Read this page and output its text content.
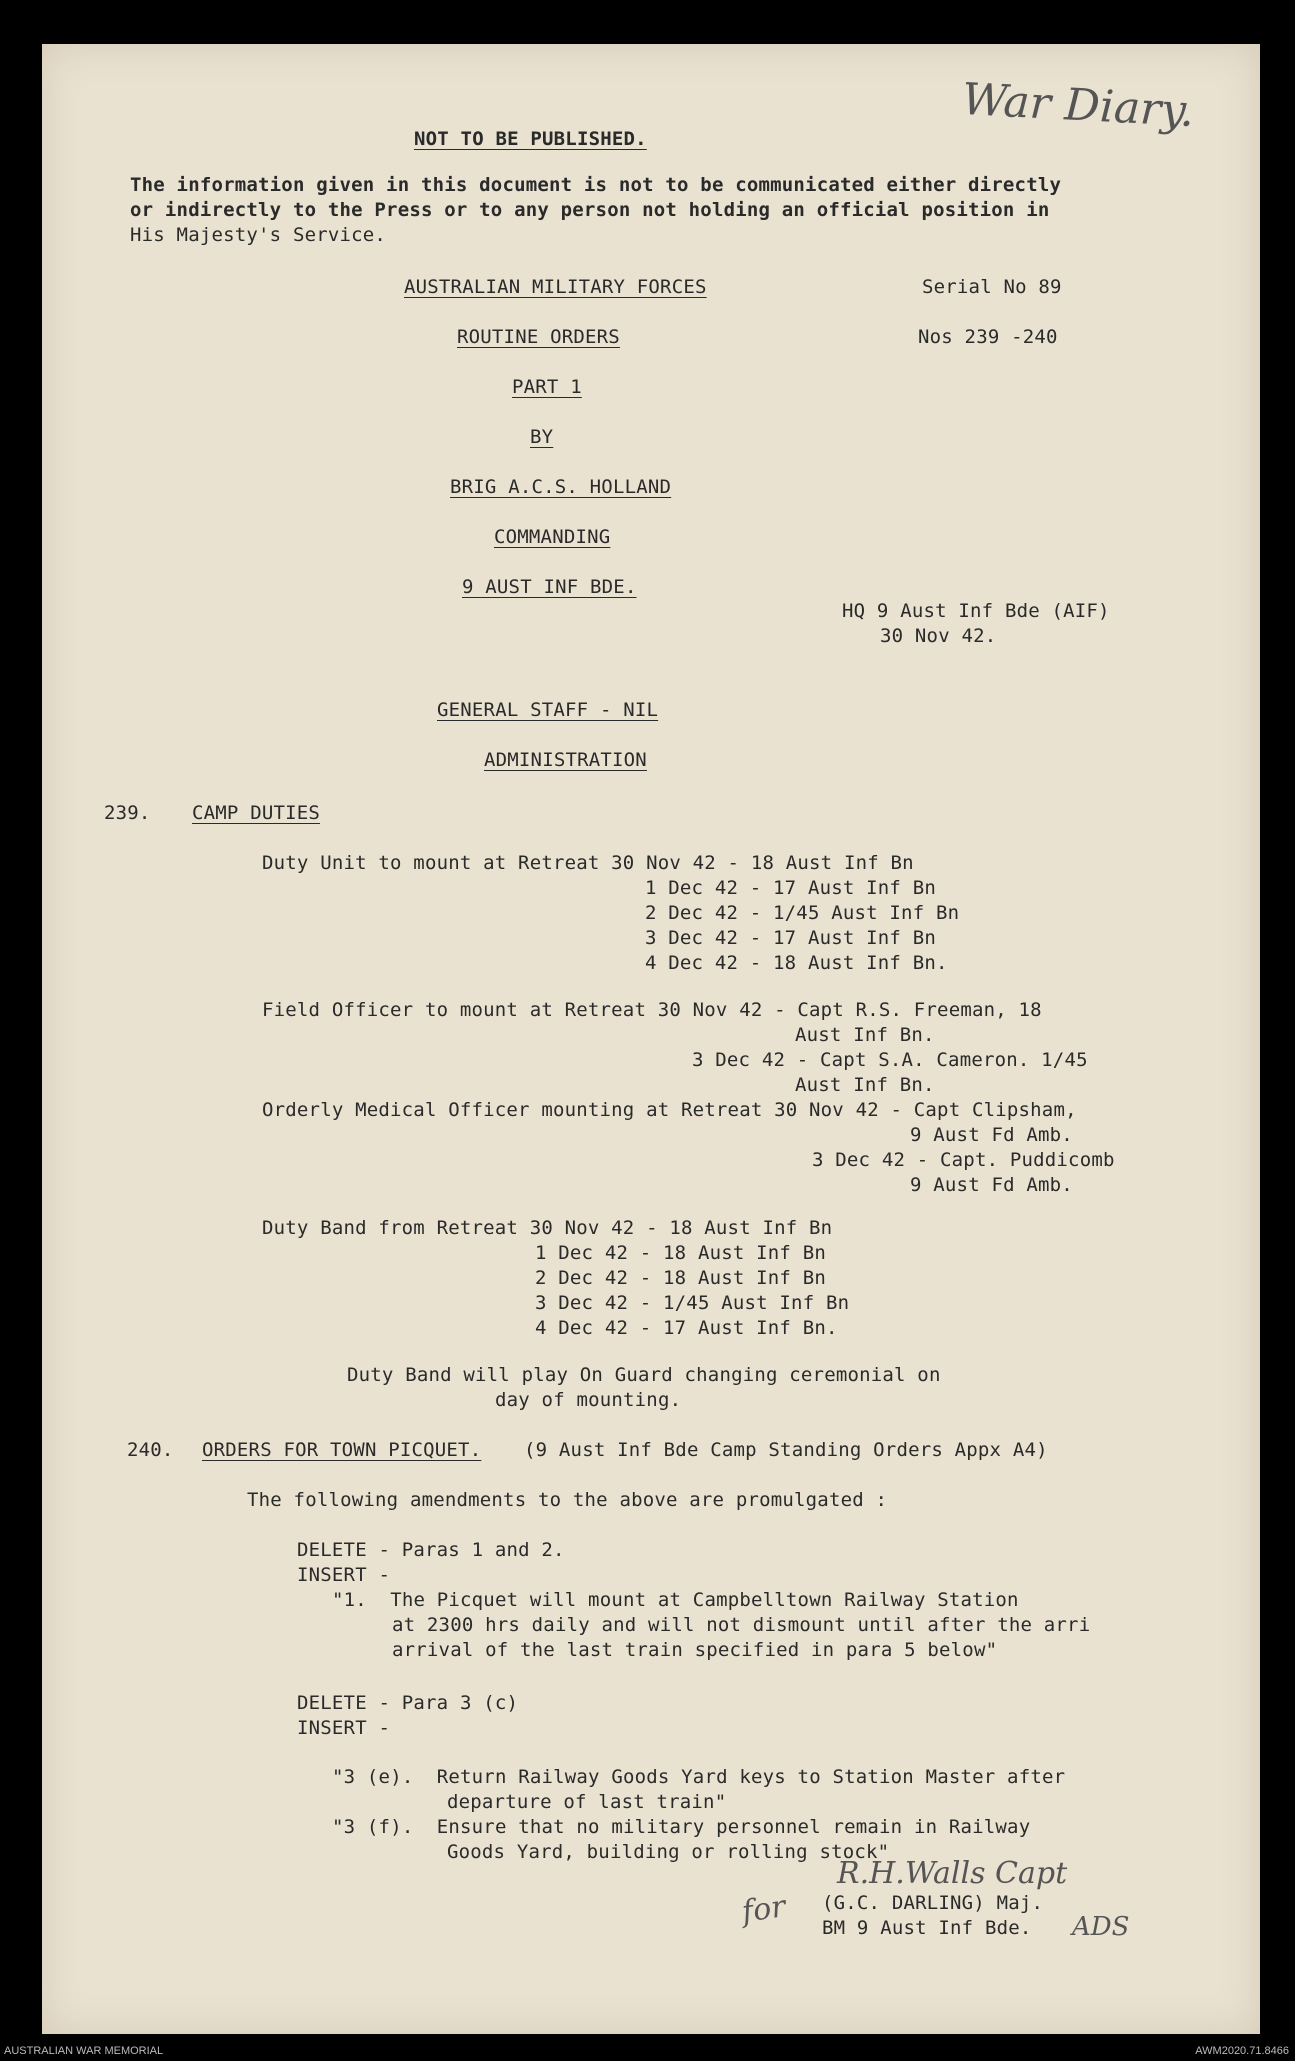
War Diary.
NOT TO BE PUBLISHED.
The information given in this document is not to be communicated either directly
or indirectly to the Press or to any person not holding an official position in
His Majesty's Service.
AUSTRALIAN MILITARY FORCES	Serial No 89
ROUTINE ORDERS	Nos 239 -240
PART 1
BY
BRIG A.C.S. HOLLAND
COMMANDING
9 AUST INF BDE.
HQ 9 Aust Inf Bde (AIF)
30 Nov 42.
GENERAL STAFF - NIL
ADMINISTRATION
239. CAMP DUTIES
Duty Unit to mount at Retreat 30 Nov 42 - 18 Aust Inf Bn
1 Dec 42 - 17 Aust Inf Bn
2 Dec 42 - 1/45 Aust Inf Bn
3 Dec 42 - 17 Aust Inf Bn
4 Dec 42 - 18 Aust Inf Bn.
Field Officer to mount at Retreat 30 Nov 42 - Capt R.S. Freeman, 18
Aust Inf Bn.
3 Dec 42 - Capt S.A. Cameron. 1/45
Aust Inf Bn.
Orderly Medical Officer mounting at Retreat 30 Nov 42 - Capt Clipsham,
9 Aust Fd Amb.
3 Dec 42 - Capt. Puddicomb
9 Aust Fd Amb.
Duty Band from Retreat 30 Nov 42 - 18 Aust Inf Bn
1 Dec 42 - 18 Aust Inf Bn
2 Dec 42 - 18 Aust Inf Bn
3 Dec 42 - 1/45 Aust Inf Bn
4 Dec 42 - 17 Aust Inf Bn.
Duty Band will play On Guard changing ceremonial on
day of mounting.
240. ORDERS FOR TOWN PICQUET. (9 Aust Inf Bde Camp Standing Orders Appx A4)
The following amendments to the above are promulgated :
DELETE - Paras 1 and 2.
INSERT -
"1.  The Picquet will mount at Campbelltown Railway Station
at 2300 hrs daily and will not dismount until after the arri
arrival of the last train specified in para 5 below"
DELETE - Para 3 (c)
INSERT -
"3 (e).  Return Railway Goods Yard keys to Station Master after
departure of last train"
"3 (f).  Ensure that no military personnel remain in Railway
Goods Yard, building or rolling stock"
for
R.H.Walls Capt
(G.C. DARLING) Maj.
BM 9 Aust Inf Bde. ADS
AUSTRALIAN WAR MEMORIAL	AWM2020.71.8466
